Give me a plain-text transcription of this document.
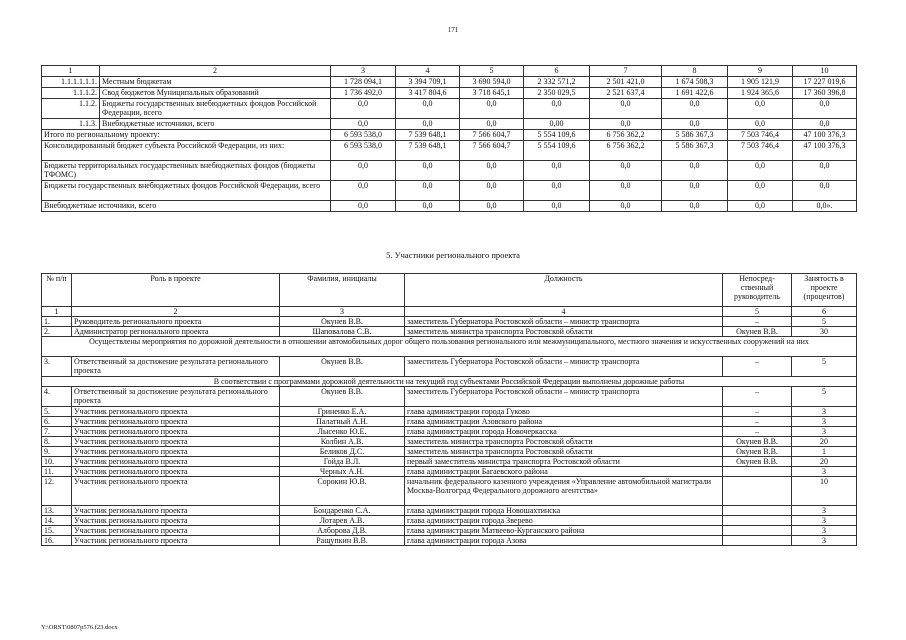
171
1	2	3	4	5	6	7	8	9	10
1.1.1.1.1.1.	Местным бюджетам	1 728 094,1	3 394 709,1	3 690 594,0	2 332 571,2	2 501 421,0	1 674 508,3	1 905 121,9	17 227 019,6
1.1.1.2.	Свод бюджетов Муниципальных образований	1 736 492,0	3 417 804,6	3 718 645,1	2 350 029,5	2 521 637,4	1 691 422,6	1 924 365,6	17 360 396,8
1.1.2.	Бюджеты государственных внебюджетных фондов Российской Федерации, всего	0,0	0,0	0,0	0,0	0,0	0,0	0,0	0,0
1.1.3.	Внебюджетные источники, всего	0,0	0,0	0,0	0,00	0,0	0,0	0,0	0,0
Итого по региональному проекту:		6 593 538,0	7 539 648,1	7 566 604,7	5 554 109,6	6 756 362,2	5 586 367,3	7 503 746,4	47 100 376,3
Консолидированный бюджет субъекта Российской Федерации, из них:		6 593 538,0	7 539 648,1	7 566 604,7	5 554 109,6	6 756 362,2	5 586 367,3	7 503 746,4	47 100 376,3
Бюджеты территориальных государственных внебюджетных фондов (бюджеты ТФОМС)		0,0	0,0	0,0	0,0	0,0	0,0	0,0	0,0
Бюджеты государственных внебюджетных фондов Российской Федерации, всего		0,0	0,0	0,0	0,0	0,0	0,0	0,0	0,0
Внебюджетные источники, всего		0,0	0,0	0,0	0,0	0,0	0,0	0,0	0,0».
5. Участники регионального проекта
№ п/п	Роль в проекте	Фамилия, инициалы	Должность	Непосред-ственный руководитель	Занятость в проекте (процентов)
1	2	3	4	5	6
1.	Руководитель регионального проекта	Окунев В.В.	заместитель Губернатора Ростовской области – министр транспорта	–	5
2.	Администратор регионального проекта	Шаповалова С.В.	заместитель министра транспорта Ростовской области	Окунев В.В.	30
Осуществлены мероприятия по дорожной деятельности в отношении автомобильных дорог общего пользования регионального или межмуниципального, местного значения и искусственных сооружений на них					
3.	Ответственный за достижение результата регионального проекта	Окунев В.В.	заместитель Губернатора Ростовской области – министр транспорта	–	5
В соответствии с программами дорожной деятельности на текущий год субъектами Российской Федерации выполнены дорожные работы					
4.	Ответственный за достижение результата регионального проекта	Окунев В.В.	заместитель Губернатора Ростовской области – министр транспорта	–	5
5.	Участник регионального проекта	Гриненко Е.А.	глава администрации города Гуково	–	3
6.	Участник регионального проекта	Палатный А.Н.	глава администрации Азовского района	–	3
7.	Участник регионального проекта	Лысенко Ю.Е.	глава администрации города Новочеркасска	–	3
8.	Участник регионального проекта	Колбин А.В.	заместитель министра транспорта Ростовской области	Окунев В.В.	20
9.	Участник регионального проекта	Беликов Д.С.	заместитель министра транспорта Ростовской области	Окунев В.В.	1
10.	Участник регионального проекта	Гойда В.Л.	первый заместитель министра транспорта Ростовской области	Окунев В.В.	20
11.	Участник регионального проекта	Черных А.Н.	глава администрации Багаевского района		3
12.	Участник регионального проекта	Сорокин Ю.В.	начальник федерального казенного учреждения «Управление автомобильной магистрали Москва-Волгоград Федерального дорожного агентства»		10
13.	Участник регионального проекта	Бондаренко С.А.	глава администрации города Новошахтинска		3
14.	Участник регионального проекта	Лотарев А.В.	глава администрации города Зверево		3
15.	Участник регионального проекта	Алборова Д.В.	глава администрации Матвеево-Курганского района		3
16.	Участник регионального проекта	Ращупкин В.В.	глава администрации города Азова		3
Y:\ORST\0807p576.f23.docx
